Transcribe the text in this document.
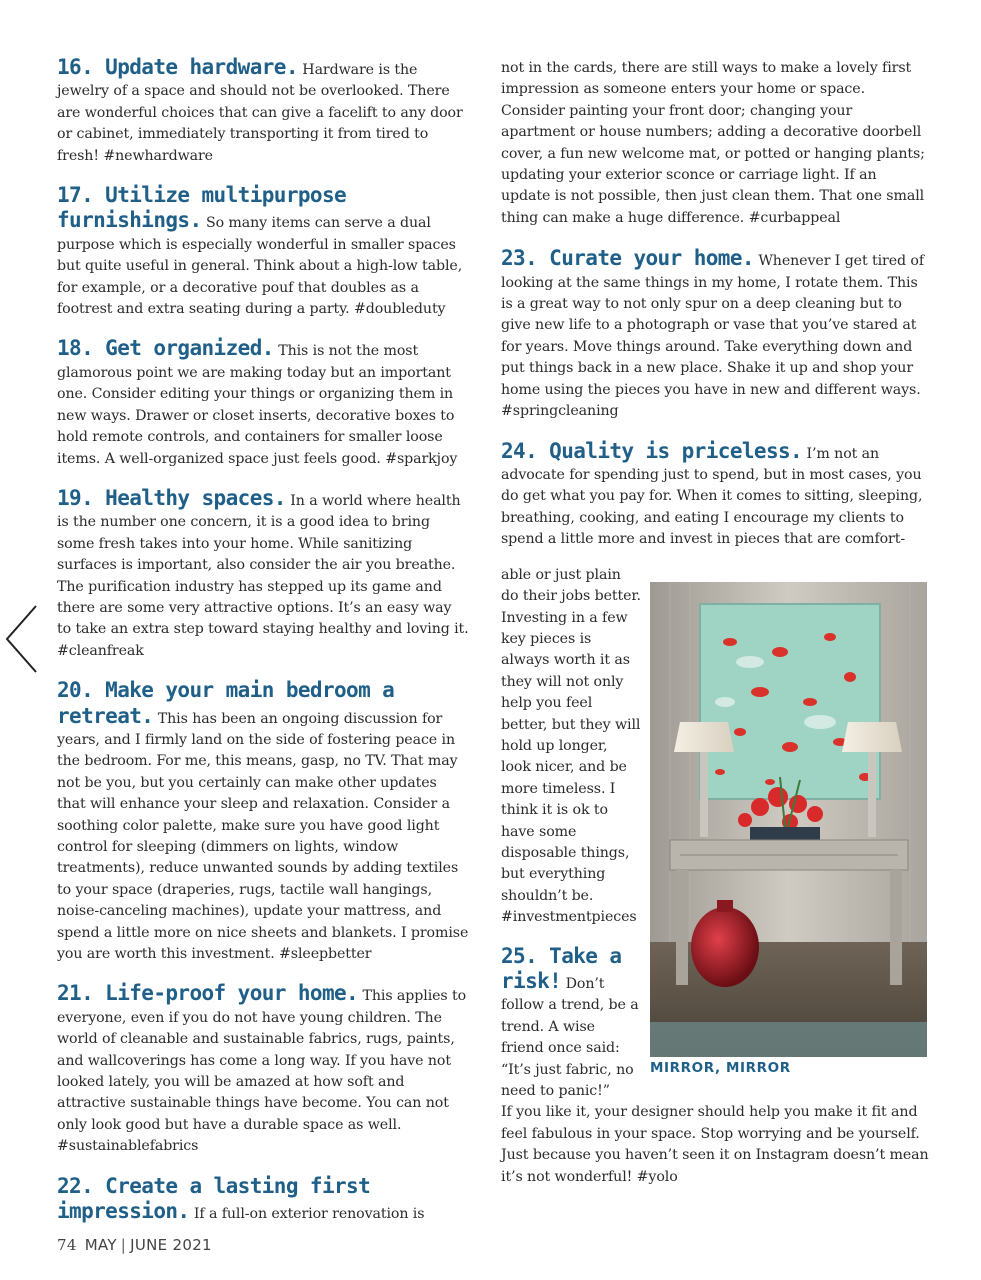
16. Update hardware. Hardware is the jewelry of a space and should not be overlooked. There are wonderful choices that can give a facelift to any door or cabinet, immediately transporting it from tired to fresh! #newhardware

17. Utilize multipurpose furnishings. So many items can serve a dual purpose which is especially wonderful in smaller spaces but quite useful in general. Think about a high-low table, for example, or a decorative pouf that doubles as a footrest and extra seating during a party. #doubleduty

18. Get organized. This is not the most glamorous point we are making today but an important one. Consider editing your things or organizing them in new ways. Drawer or closet inserts, decorative boxes to hold remote controls, and containers for smaller loose items. A well-organized space just feels good. #sparkjoy

19. Healthy spaces. In a world where health is the number one concern, it is a good idea to bring some fresh takes into your home. While sanitizing surfaces is important, also consider the air you breathe. The purification industry has stepped up its game and there are some very attractive options. It’s an easy way to take an extra step toward staying healthy and loving it. #cleanfreak

20. Make your main bedroom a retreat. This has been an ongoing discussion for years, and I firmly land on the side of fostering peace in the bedroom. For me, this means, gasp, no TV. That may not be you, but you certainly can make other updates that will enhance your sleep and relaxation. Consider a soothing color palette, make sure you have good light control for sleeping (dimmers on lights, window treatments), reduce unwanted sounds by adding textiles to your space (draperies, rugs, tactile wall hangings, noise-canceling machines), update your mattress, and spend a little more on nice sheets and blankets. I promise you are worth this investment. #sleepbetter

21. Life-proof your home. This applies to everyone, even if you do not have young children. The world of cleanable and sustainable fabrics, rugs, paints, and wallcoverings has come a long way. If you have not looked lately, you will be amazed at how soft and attractive sustainable things have become. You can not only look good but have a durable space as well. #sustainablefabrics

22. Create a lasting first impression. If a full-on exterior renovation is

not in the cards, there are still ways to make a lovely first impression as someone enters your home or space. Consider painting your front door; changing your apartment or house numbers; adding a decorative doorbell cover, a fun new welcome mat, or potted or hanging plants; updating your exterior sconce or carriage light. If an update is not possible, then just clean them. That one small thing can make a huge difference. #curbappeal

23. Curate your home. Whenever I get tired of looking at the same things in my home, I rotate them. This is a great way to not only spur on a deep cleaning but to give new life to a photograph or vase that you’ve stared at for years. Move things around. Take everything down and put things back in a new place. Shake it up and shop your home using the pieces you have in new and different ways. #springcleaning

24. Quality is priceless. I’m not an advocate for spending just to spend, but in most cases, you do get what you pay for. When it comes to sitting, sleeping, breathing, cooking, and eating I encourage my clients to spend a little more and invest in pieces that are comfort-

able or just plain do their jobs better. Investing in a few key pieces is always worth it as they will not only help you feel better, but they will hold up longer, look nicer, and be more timeless. I think it is ok to have some disposable things, but everything shouldn’t be. #investmentpieces

25. Take a risk! Don’t follow a trend, be a trend. A wise friend once said: “It’s just fabric, no need to panic!”

If you like it, your designer should help you make it fit and feel fabulous in your space. Stop worrying and be yourself. Just because you haven’t seen it on Instagram doesn’t mean it’s not wonderful! #yolo

MIRROR, MIRROR
74 MAY | JUNE 2021
